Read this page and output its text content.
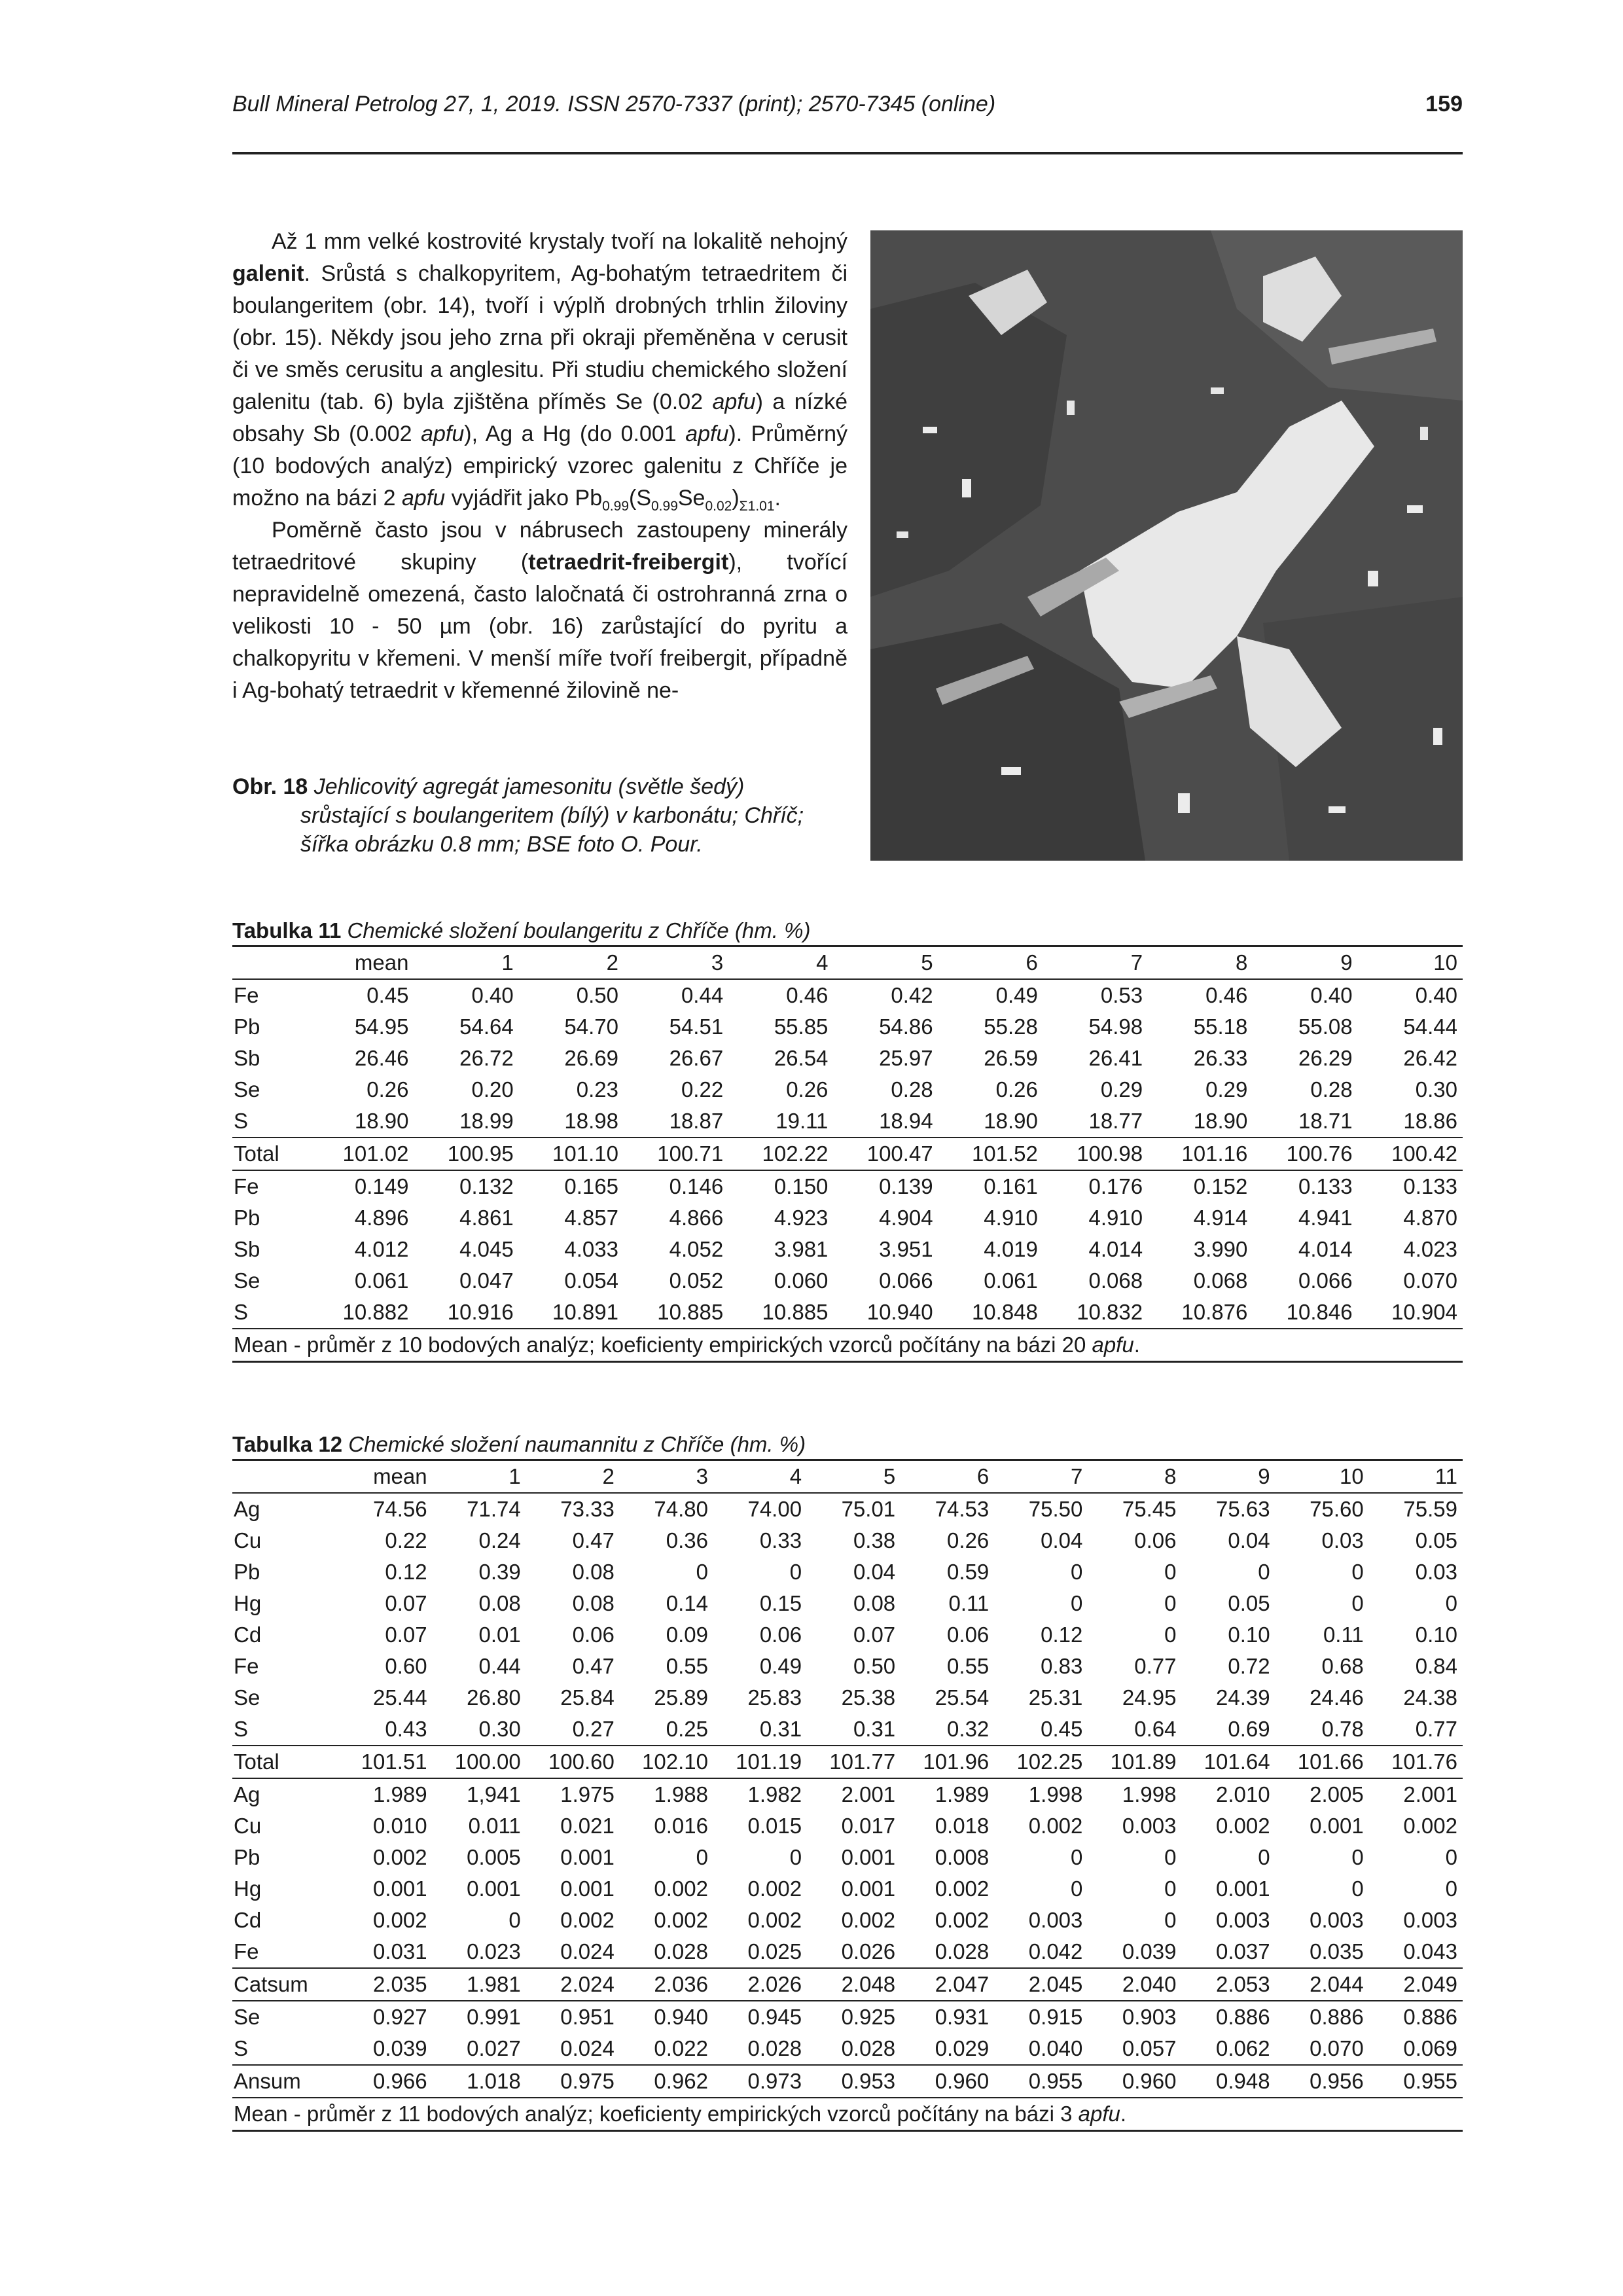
Bull Mineral Petrolog 27, 1, 2019. ISSN 2570-7337 (print); 2570-7345 (online)	159

Až 1 mm velké kostrovité krystaly tvoří na lokalitě nehojný galenit. Srůstá s chalkopyritem, Ag-bohatým tetraedritem či boulangeritem (obr. 14), tvoří i výplň drobných trhlin žiloviny (obr. 15). Někdy jsou jeho zrna při okraji přeměněna v cerusit či ve směs cerusitu a anglesitu. Při studiu chemického složení galenitu (tab. 6) byla zjištěna příměs Se (0.02 apfu) a nízké obsahy Sb (0.002 apfu), Ag a Hg (do 0.001 apfu). Průměrný (10 bodových analýz) empirický vzorec galenitu z Chříče je možno na bázi 2 apfu vyjádřit jako $Pb_{0.99}(S_{0.99}Se_{0.02})_{\Sigma 1.01}$.

Poměrně často jsou v nábrusech zastoupeny minerály tetraedritové skupiny (tetraedrit-freibergit), tvořící nepravidelně omezená, často laločnatá či ostrohranná zrna o velikosti 10 - 50 µm (obr. 16) zarůstající do pyritu a chalkopyritu v křemeni. V menší míře tvoří freibergit, případně i Ag-bohatý tetraedrit v křemenné žilovině ne-

Obr. 18 Jehlicovitý agregát jamesonitu (světle šedý)
srůstající s boulangeritem (bílý) v karbonátu; Chříč;
šířka obrázku 0.8 mm; BSE foto O. Pour.
Tabulka 11 Chemické složení boulangeritu z Chříče (hm. %)
	mean	1	2	3	4	5	6	7	8	9	10
Fe	0.45	0.40	0.50	0.44	0.46	0.42	0.49	0.53	0.46	0.40	0.40
Pb	54.95	54.64	54.70	54.51	55.85	54.86	55.28	54.98	55.18	55.08	54.44
Sb	26.46	26.72	26.69	26.67	26.54	25.97	26.59	26.41	26.33	26.29	26.42
Se	0.26	0.20	0.23	0.22	0.26	0.28	0.26	0.29	0.29	0.28	0.30
S	18.90	18.99	18.98	18.87	19.11	18.94	18.90	18.77	18.90	18.71	18.86
Total	101.02	100.95	101.10	100.71	102.22	100.47	101.52	100.98	101.16	100.76	100.42
Fe	0.149	0.132	0.165	0.146	0.150	0.139	0.161	0.176	0.152	0.133	0.133
Pb	4.896	4.861	4.857	4.866	4.923	4.904	4.910	4.910	4.914	4.941	4.870
Sb	4.012	4.045	4.033	4.052	3.981	3.951	4.019	4.014	3.990	4.014	4.023
Se	0.061	0.047	0.054	0.052	0.060	0.066	0.061	0.068	0.068	0.066	0.070
S	10.882	10.916	10.891	10.885	10.885	10.940	10.848	10.832	10.876	10.846	10.904
Mean - průměr z 10 bodových analýz; koeficienty empirických vzorců počítány na bázi 20 apfu.											
Tabulka 12 Chemické složení naumannitu z Chříče (hm. %)
	mean	1	2	3	4	5	6	7	8	9	10	11
Ag	74.56	71.74	73.33	74.80	74.00	75.01	74.53	75.50	75.45	75.63	75.60	75.59
Cu	0.22	0.24	0.47	0.36	0.33	0.38	0.26	0.04	0.06	0.04	0.03	0.05
Pb	0.12	0.39	0.08	0	0	0.04	0.59	0	0	0	0	0.03
Hg	0.07	0.08	0.08	0.14	0.15	0.08	0.11	0	0	0.05	0	0
Cd	0.07	0.01	0.06	0.09	0.06	0.07	0.06	0.12	0	0.10	0.11	0.10
Fe	0.60	0.44	0.47	0.55	0.49	0.50	0.55	0.83	0.77	0.72	0.68	0.84
Se	25.44	26.80	25.84	25.89	25.83	25.38	25.54	25.31	24.95	24.39	24.46	24.38
S	0.43	0.30	0.27	0.25	0.31	0.31	0.32	0.45	0.64	0.69	0.78	0.77
Total	101.51	100.00	100.60	102.10	101.19	101.77	101.96	102.25	101.89	101.64	101.66	101.76
Ag	1.989	1,941	1.975	1.988	1.982	2.001	1.989	1.998	1.998	2.010	2.005	2.001
Cu	0.010	0.011	0.021	0.016	0.015	0.017	0.018	0.002	0.003	0.002	0.001	0.002
Pb	0.002	0.005	0.001	0	0	0.001	0.008	0	0	0	0	0
Hg	0.001	0.001	0.001	0.002	0.002	0.001	0.002	0	0	0.001	0	0
Cd	0.002	0	0.002	0.002	0.002	0.002	0.002	0.003	0	0.003	0.003	0.003
Fe	0.031	0.023	0.024	0.028	0.025	0.026	0.028	0.042	0.039	0.037	0.035	0.043
Catsum	2.035	1.981	2.024	2.036	2.026	2.048	2.047	2.045	2.040	2.053	2.044	2.049
Se	0.927	0.991	0.951	0.940	0.945	0.925	0.931	0.915	0.903	0.886	0.886	0.886
S	0.039	0.027	0.024	0.022	0.028	0.028	0.029	0.040	0.057	0.062	0.070	0.069
Ansum	0.966	1.018	0.975	0.962	0.973	0.953	0.960	0.955	0.960	0.948	0.956	0.955
Mean - průměr z 11 bodových analýz; koeficienty empirických vzorců počítány na bázi 3 apfu.												
